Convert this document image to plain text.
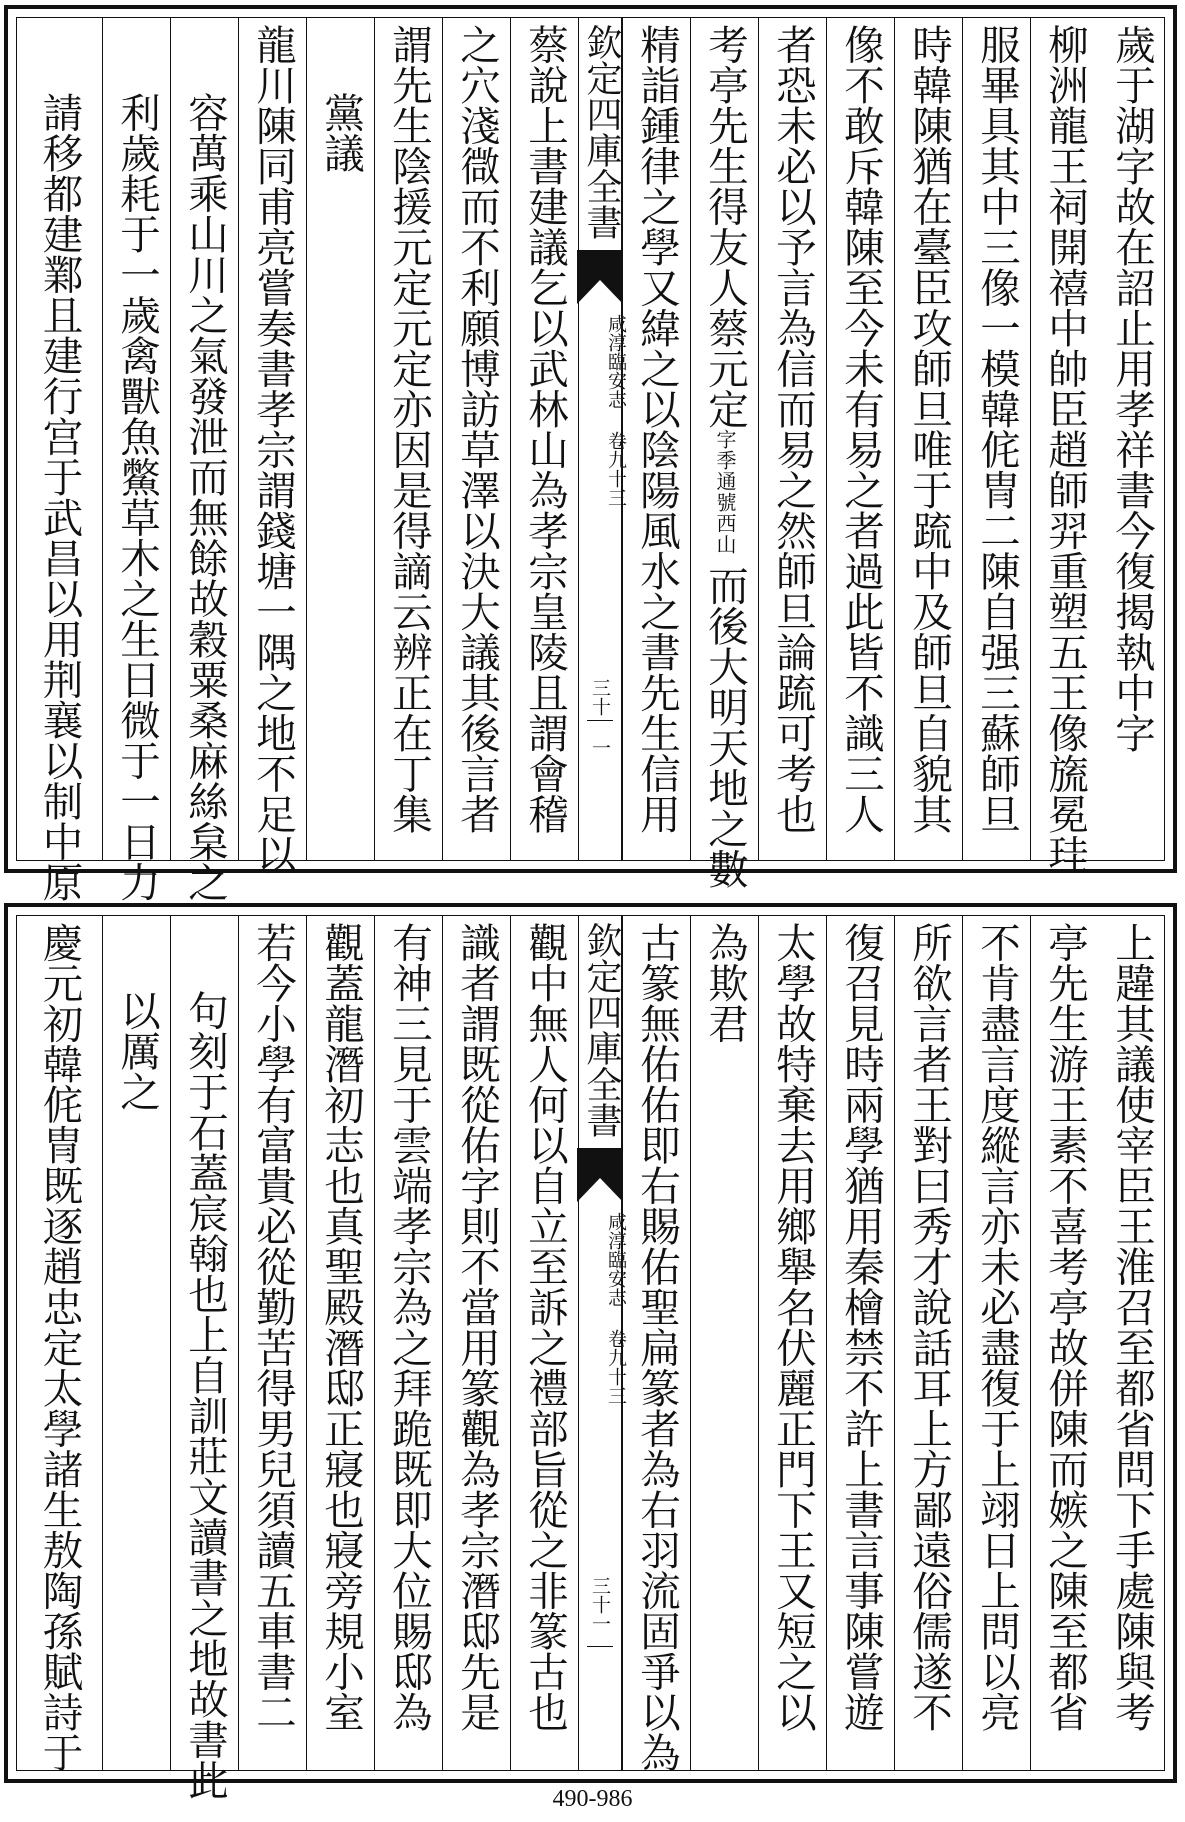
歲于湖字故在詔止用孝祥書今復揭執中字
柳洲龍王祠開禧中帥臣趙師羿重塑五王像旒冕珪
服畢具其中三像一模韓侂冑二陳自强三蘇師旦
時韓陳猶在臺臣攻師旦唯于䟽中及師旦自貌其
像不敢斥韓陳至今未有易之者過此皆不識三人
者恐未必以予言為信而易之然師旦論䟽可考也
考亭先生得友人蔡元定字季通號西山而後大明天地之數
精詣鍾律之學又緯之以陰陽風水之書先生信用
欽定四庫全書
咸淳臨安志 卷九十三
三十 一
蔡說上書建議乞以武林山為孝宗皇陵且謂會稽
之穴淺㣲而不利願博訪草澤以決大議其後言者
謂先生陰援元定元定亦因是得謫云辨正在丁集
黨議
龍川陳同甫亮嘗奏書孝宗謂錢塘一隅之地不足以
容萬乘山川之氣發泄而無餘故穀粟桑麻絲枲之
利歲耗于一歲禽獸魚鱉草木之生日微于一日力
請移都建鄴且建行宫于武昌以用荆襄以制中原
上韙其議使宰臣王淮召至都省問下手處陳與考
亭先生游王素不喜考亭故併陳而嫉之陳至都省
不肯盡言度縱言亦未必盡復于上翊日上問以亮
所欲言者王對曰秀才說話耳上方鄙遠俗儒遂不
復召見時兩學猶用秦檜禁不許上書言事陳嘗遊
太學故特棄去用鄉舉名伏麗正門下王又短之以
為欺君
古篆無佑佑即右賜佑聖扁篆者為右羽流固爭以為
欽定四庫全書
咸淳臨安志 卷九十三
三十一
觀中無人何以自立至訴之禮部旨從之非篆古也
識者謂既從佑字則不當用篆觀為孝宗潛邸先是
有神三見于雲端孝宗為之拜跪既即大位賜邸為
觀蓋龍潛初志也真聖殿潛邸正寢也寢旁規小室
若今小學有富貴必從勤苦得男兒須讀五車書二
句刻于石蓋宸翰也上自訓莊文讀書之地故書此
以厲之
慶元初韓侂冑既逐趙忠定太學諸生敖陶孫賦詩于
490-986
